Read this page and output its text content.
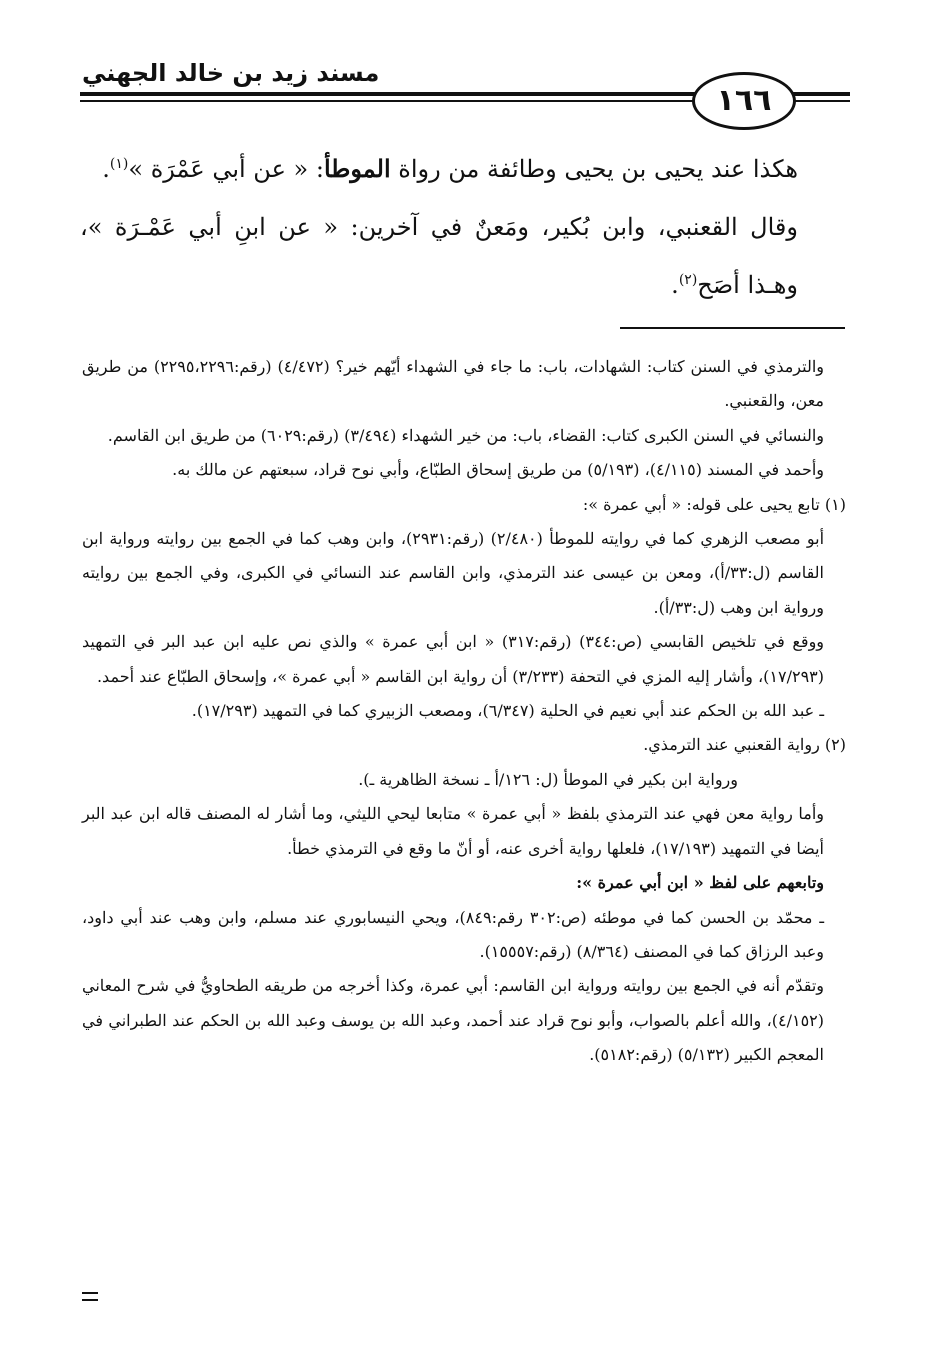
مسند زيد بن خالد الجهني
١٦٦

هكذا عند يحيى بن يحيى وطائفة من رواة الموطأ: « عن أبي عَمْرَة »$^{(١)}$.

وقال القعنبي، وابن بُكير، ومَعنٌ في آخرين: « عن ابنِ أبي عَمْـرَة »، وهـذا أصَح$^{(٢)}$.

والترمذي في السنن كتاب: الشهادات، باب: ما جاء في الشهداء أيّهم خير؟ (٤/٤٧٢) (رقم:٢٢٩٥،٢٢٩٦) من طريق معن، والقعنبي.

والنسائي في السنن الكبرى كتاب: القضاء، باب: من خير الشهداء (٣/٤٩٤) (رقم:٦٠٢٩) من طريق ابن القاسم.

وأحمد في المسند (٤/١١٥)، (٥/١٩٣) من طريق إسحاق الطبّاع، وأبي نوح قراد، سبعتهم عن مالك به.

(١) تابع يحيى على قوله: « أبي عمرة »:

أبو مصعب الزهري كما في روايته للموطأ (٢/٤٨٠) (رقم:٢٩٣١)، وابن وهب كما في الجمع بين روايته ورواية ابن القاسم (ل:٣٣/أ)، ومعن بن عيسى عند الترمذي، وابن القاسم عند النسائي في الكبرى، وفي الجمع بين روايته ورواية ابن وهب (ل:٣٣/أ).

ووقع في تلخيص القابسي (ص:٣٤٤) (رقم:٣١٧) « ابن أبي عمرة » والذي نص عليه ابن عبد البر في التمهيد (١٧/٢٩٣)، وأشار إليه المزي في التحفة (٣/٢٣٣) أن رواية ابن القاسم « أبي عمرة »، وإسحاق الطبّاع عند أحمد.

ـ عبد الله بن الحكم عند أبي نعيم في الحلية (٦/٣٤٧)، ومصعب الزبيري كما في التمهيد (١٧/٢٩٣).

(٢) رواية القعنبي عند الترمذي.

ورواية ابن بكير في الموطأ (ل: ١٢٦/أ ـ نسخة الظاهرية ـ).

وأما رواية معن فهي عند الترمذي بلفظ « أبي عمرة » متابعا ليحي الليثي، وما أشار له المصنف قاله ابن عبد البر أيضا في التمهيد (١٧/١٩٣)، فلعلها رواية أخرى عنه، أو أنّ ما وقع في الترمذي خطأ.

وتابعهم على لفظ « ابن أبي عمرة »:

ـ محمّد بن الحسن كما في موطئه (ص:٣٠٢ رقم:٨٤٩)، ويحي النيسابوري عند مسلم، وابن وهب عند أبي داود، وعبد الرزاق كما في المصنف (٨/٣٦٤) (رقم:١٥٥٥٧).

وتقدّم أنه في الجمع بين روايته ورواية ابن القاسم: أبي عمرة، وكذا أخرجه من طريقه الطحاويُّ في شرح المعاني (٤/١٥٢)، والله أعلم بالصواب، وأبو نوح قراد عند أحمد، وعبد الله بن يوسف وعبد الله بن الحكم عند الطبراني في المعجم الكبير (٥/١٣٢) (رقم:٥١٨٢).
